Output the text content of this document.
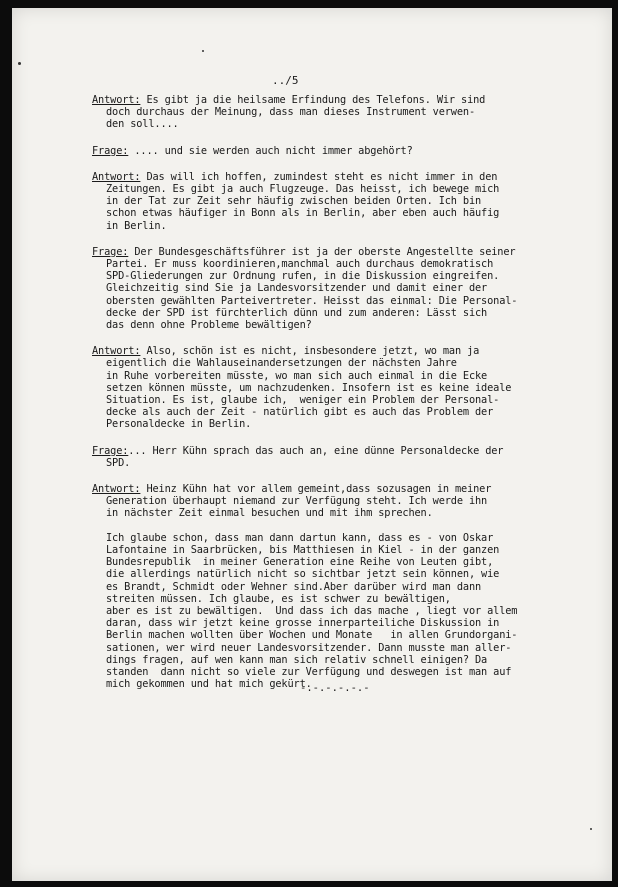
../5

Antwort: Es gibt ja die heilsame Erfindung des Telefons. Wir sind
doch durchaus der Meinung, dass man dieses Instrument verwen-
den soll....
Frage: .... und sie werden auch nicht immer abgehört?
Antwort: Das will ich hoffen, zumindest steht es nicht immer in den
Zeitungen. Es gibt ja auch Flugzeuge. Das heisst, ich bewege mich
in der Tat zur Zeit sehr häufig zwischen beiden Orten. Ich bin
schon etwas häufiger in Bonn als in Berlin, aber eben auch häufig
in Berlin.
Frage: Der Bundesgeschäftsführer ist ja der oberste Angestellte seiner
Partei. Er muss koordinieren,manchmal auch durchaus demokratisch
SPD-Gliederungen zur Ordnung rufen, in die Diskussion eingreifen.
Gleichzeitig sind Sie ja Landesvorsitzender und damit einer der
obersten gewählten Parteivertreter. Heisst das einmal: Die Personal-
decke der SPD ist fürchterlich dünn und zum anderen: Lässt sich
das denn ohne Probleme bewältigen?
Antwort: Also, schön ist es nicht, insbesondere jetzt, wo man ja
eigentlich die Wahlauseinandersetzungen der nächsten Jahre
in Ruhe vorbereiten müsste, wo man sich auch einmal in die Ecke
setzen können müsste, um nachzudenken. Insofern ist es keine ideale
Situation. Es ist, glaube ich,  weniger ein Problem der Personal-
decke als auch der Zeit - natürlich gibt es auch das Problem der
Personaldecke in Berlin.
Frage:... Herr Kühn sprach das auch an, eine dünne Personaldecke der
SPD.
Antwort: Heinz Kühn hat vor allem gemeint,dass sozusagen in meiner
Generation überhaupt niemand zur Verfügung steht. Ich werde ihn
in nächster Zeit einmal besuchen und mit ihm sprechen.
Ich glaube schon, dass man dann dartun kann, dass es - von Oskar
Lafontaine in Saarbrücken, bis Matthiesen in Kiel - in der ganzen
Bundesrepublik  in meiner Generation eine Reihe von Leuten gibt,
die allerdings natürlich nicht so sichtbar jetzt sein können, wie
es Brandt, Schmidt oder Wehner sind.Aber darüber wird man dann
streiten müssen. Ich glaube, es ist schwer zu bewältigen,
aber es ist zu bewältigen.  Und dass ich das mache , liegt vor allem
daran, dass wir jetzt keine grosse innerparteiliche Diskussion in
Berlin machen wollten über Wochen und Monate   in allen Grundorgani-
sationen, wer wird neuer Landesvorsitzender. Dann musste man aller-
dings fragen, auf wen kann man sich relativ schnell einigen? Da
standen  dann nicht so viele zur Verfügung und deswegen ist man auf
mich gekommen und hat mich gekürt.

-.-.-.-.-.-
